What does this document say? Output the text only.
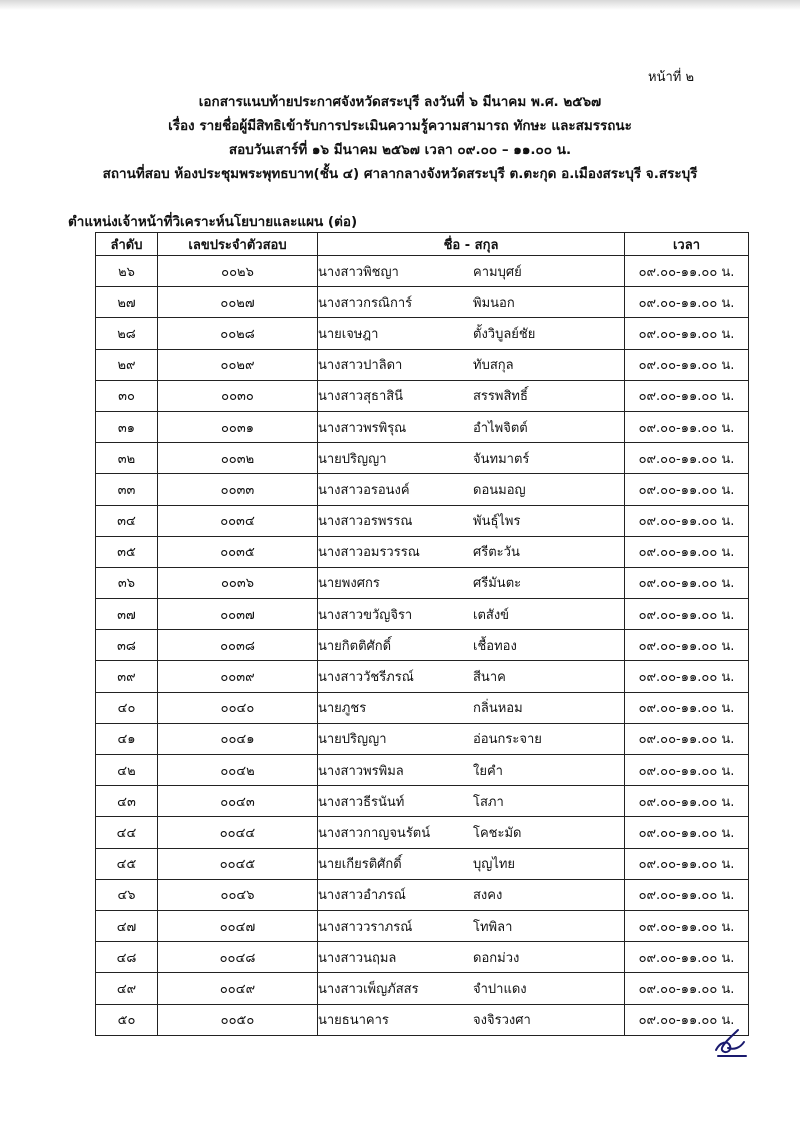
หน้าที่ ๒
เอกสารแนบท้ายประกาศจังหวัดสระบุรี ลงวันที่ ๖ มีนาคม พ.ศ. ๒๕๖๗
เรื่อง รายชื่อผู้มีสิทธิเข้ารับการประเมินความรู้ความสามารถ ทักษะ และสมรรถนะ
สอบวันเสาร์ที่ ๑๖ มีนาคม ๒๕๖๗ เวลา ๐๙.๐๐ – ๑๑.๐๐ น.
สถานที่สอบ ห้องประชุมพระพุทธบาท(ชั้น ๔) ศาลากลางจังหวัดสระบุรี ต.ตะกุด อ.เมืองสระบุรี จ.สระบุรี
ตำแหน่งเจ้าหน้าที่วิเคราะห์นโยบายและแผน (ต่อ)
ลำดับ	เลขประจำตัวสอบ	ชื่อ - สกุล	เวลา
๒๖	๐๐๒๖	นางสาวพิชญา คามบุศย์	๐๙.๐๐-๑๑.๐๐ น.
๒๗	๐๐๒๗	นางสาวกรณิการ์ พิมนอก	๐๙.๐๐-๑๑.๐๐ น.
๒๘	๐๐๒๘	นายเจษฎา ตั้งวิบูลย์ชัย	๐๙.๐๐-๑๑.๐๐ น.
๒๙	๐๐๒๙	นางสาวปาลิดา ทับสกุล	๐๙.๐๐-๑๑.๐๐ น.
๓๐	๐๐๓๐	นางสาวสุธาสินี สรรพสิทธิ์	๐๙.๐๐-๑๑.๐๐ น.
๓๑	๐๐๓๑	นางสาวพรพิรุณ อำไพจิตต์	๐๙.๐๐-๑๑.๐๐ น.
๓๒	๐๐๓๒	นายปริญญา จันทมาตร์	๐๙.๐๐-๑๑.๐๐ น.
๓๓	๐๐๓๓	นางสาวอรอนงค์ ดอนมอญ	๐๙.๐๐-๑๑.๐๐ น.
๓๔	๐๐๓๔	นางสาวอรพรรณ พันธุ์ไพร	๐๙.๐๐-๑๑.๐๐ น.
๓๕	๐๐๓๕	นางสาวอมรวรรณ ศรีตะวัน	๐๙.๐๐-๑๑.๐๐ น.
๓๖	๐๐๓๖	นายพงศกร ศรีมันตะ	๐๙.๐๐-๑๑.๐๐ น.
๓๗	๐๐๓๗	นางสาวขวัญจิรา เตสังข์	๐๙.๐๐-๑๑.๐๐ น.
๓๘	๐๐๓๘	นายกิตติศักดิ์ เชื้อทอง	๐๙.๐๐-๑๑.๐๐ น.
๓๙	๐๐๓๙	นางสาววัชรีภรณ์ สีนาค	๐๙.๐๐-๑๑.๐๐ น.
๔๐	๐๐๔๐	นายภูชร กลิ่นหอม	๐๙.๐๐-๑๑.๐๐ น.
๔๑	๐๐๔๑	นายปริญญา อ่อนกระจาย	๐๙.๐๐-๑๑.๐๐ น.
๔๒	๐๐๔๒	นางสาวพรพิมล ใยคำ	๐๙.๐๐-๑๑.๐๐ น.
๔๓	๐๐๔๓	นางสาวธีรนันท์ โสภา	๐๙.๐๐-๑๑.๐๐ น.
๔๔	๐๐๔๔	นางสาวกาญจนรัตน์ โคชะมัด	๐๙.๐๐-๑๑.๐๐ น.
๔๕	๐๐๔๕	นายเกียรติศักดิ์ บุญไทย	๐๙.๐๐-๑๑.๐๐ น.
๔๖	๐๐๔๖	นางสาวอำภรณ์ สงคง	๐๙.๐๐-๑๑.๐๐ น.
๔๗	๐๐๔๗	นางสาววราภรณ์ โทพิลา	๐๙.๐๐-๑๑.๐๐ น.
๔๘	๐๐๔๘	นางสาวนฤมล ดอกม่วง	๐๙.๐๐-๑๑.๐๐ น.
๔๙	๐๐๔๙	นางสาวเพ็ญภัสสร จำปาแดง	๐๙.๐๐-๑๑.๐๐ น.
๕๐	๐๐๕๐	นายธนาคาร จงจิรวงศา	๐๙.๐๐-๑๑.๐๐ น.
